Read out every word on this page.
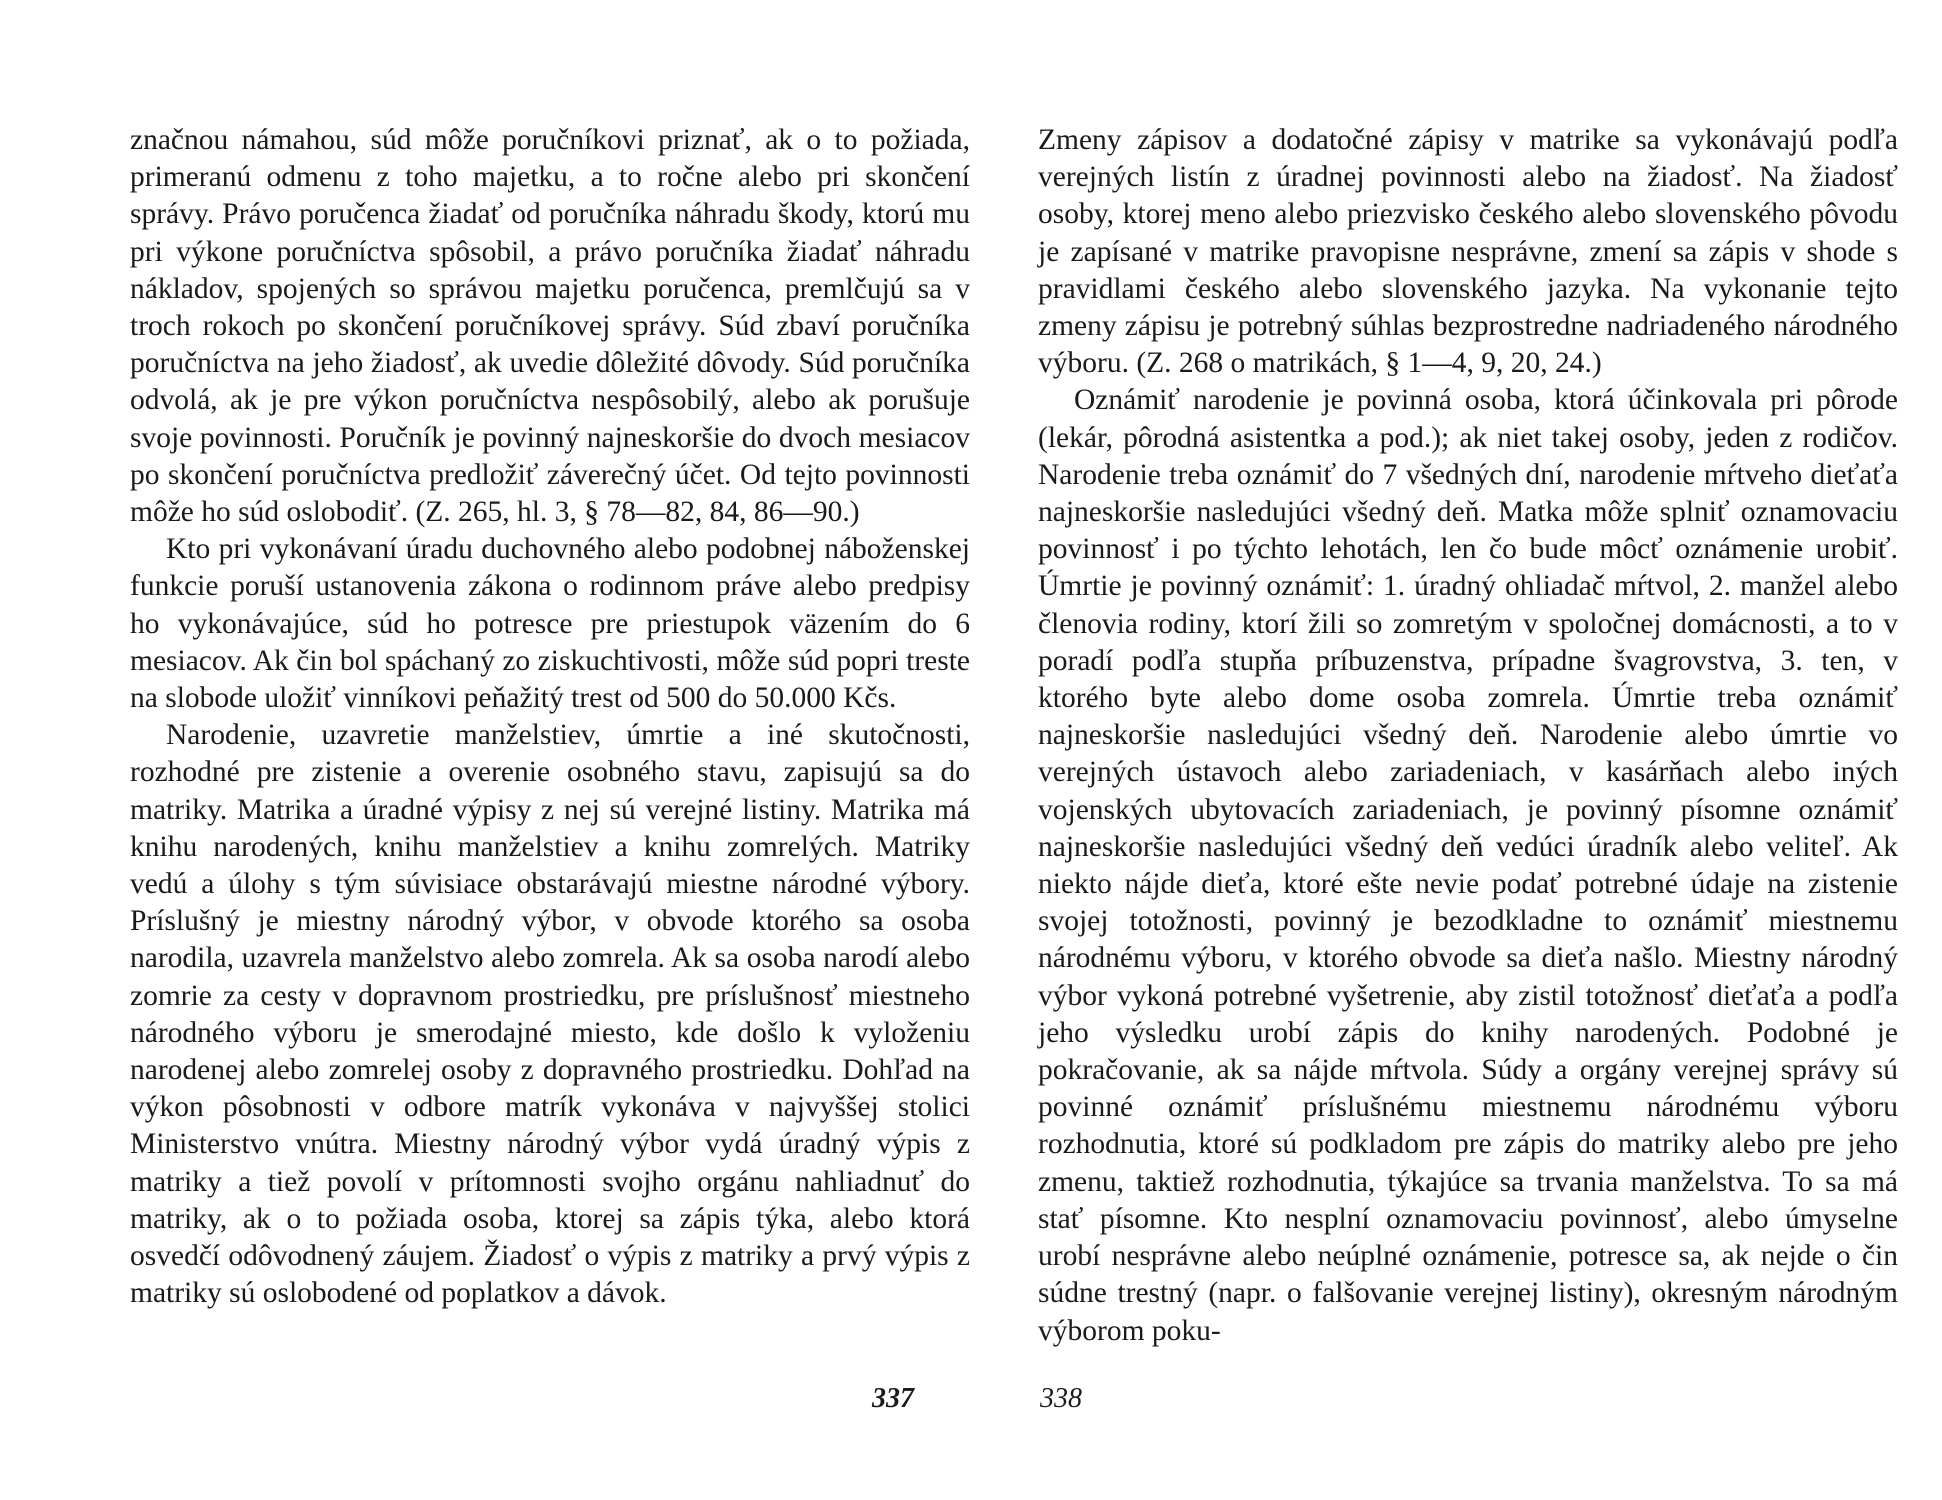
značnou námahou, súd môže poručníkovi priznať, ak o to požiada, primeranú odmenu z toho majetku, a to ročne alebo pri skončení správy. Právo poručenca žiadať od poručníka náhradu škody, ktorú mu pri výkone poručníctva spôsobil, a právo poručníka žiadať náhradu nákladov, spojených so správou majetku poručenca, premlčujú sa v troch rokoch po skončení poručníkovej správy. Súd zbaví poručníka poručníctva na jeho žiadosť, ak uvedie dôležité dôvody. Súd poručníka odvolá, ak je pre výkon poručníctva nespôsobilý, alebo ak porušuje svoje povinnosti. Poručník je povinný najneskoršie do dvoch mesiacov po skončení poručníctva predložiť záverečný účet. Od tejto povinnosti môže ho súd oslobodiť. (Z. 265, hl. 3, § 78—82, 84, 86—90.)

Kto pri vykonávaní úradu duchovného alebo podobnej náboženskej funkcie poruší ustanovenia zákona o rodinnom práve alebo predpisy ho vykonávajúce, súd ho potresce pre priestupok väzením do 6 mesiacov. Ak čin bol spáchaný zo ziskuchtivosti, môže súd popri treste na slobode uložiť vinníkovi peňažitý trest od 500 do 50.000 Kčs.

Narodenie, uzavretie manželstiev, úmrtie a iné skutočnosti, rozhodné pre zistenie a overenie osobného stavu, zapisujú sa do matriky. Matrika a úradné výpisy z nej sú verejné listiny. Matrika má knihu narodených, knihu manželstiev a knihu zomrelých. Matriky vedú a úlohy s tým súvisiace obstarávajú miestne národné výbory. Príslušný je miestny národný výbor, v obvode ktorého sa osoba narodila, uzavrela manželstvo alebo zomrela. Ak sa osoba narodí alebo zomrie za cesty v dopravnom prostriedku, pre príslušnosť miestneho národného výboru je smerodajné miesto, kde došlo k vyloženiu narodenej alebo zomrelej osoby z dopravného prostriedku. Dohľad na výkon pôsobnosti v odbore matrík vykonáva v najvyššej stolici Ministerstvo vnútra. Miestny národný výbor vydá úradný výpis z matriky a tiež povolí v prítomnosti svojho orgánu nahliadnuť do matriky, ak o to požiada osoba, ktorej sa zápis týka, alebo ktorá osvedčí odôvodnený záujem. Žiadosť o výpis z matriky a prvý výpis z matriky sú oslobodené od poplatkov a dávok.

337

Zmeny zápisov a dodatočné zápisy v matrike sa vykonávajú podľa verejných listín z úradnej povinnosti alebo na žiadosť. Na žiadosť osoby, ktorej meno alebo priezvisko českého alebo slovenského pôvodu je zapísané v matrike pravopisne nesprávne, zmení sa zápis v shode s pravidlami českého alebo slovenského jazyka. Na vykonanie tejto zmeny zápisu je potrebný súhlas bezprostredne nadriadeného národného výboru. (Z. 268 o matrikách, § 1—4, 9, 20, 24.)

Oznámiť narodenie je povinná osoba, ktorá účinkovala pri pôrode (lekár, pôrodná asistentka a pod.); ak niet takej osoby, jeden z rodičov. Narodenie treba oznámiť do 7 všedných dní, narodenie mŕtveho dieťaťa najneskoršie nasledujúci všedný deň. Matka môže splniť oznamovaciu povinnosť i po týchto lehotách, len čo bude môcť oznámenie urobiť. Úmrtie je povinný oznámiť: 1. úradný ohliadač mŕtvol, 2. manžel alebo členovia rodiny, ktorí žili so zomretým v spoločnej domácnosti, a to v poradí podľa stupňa príbuzenstva, prípadne švagrovstva, 3. ten, v ktorého byte alebo dome osoba zomrela. Úmrtie treba oznámiť najneskoršie nasledujúci všedný deň. Narodenie alebo úmrtie vo verejných ústavoch alebo zariadeniach, v kasárňach alebo iných vojenských ubytovacích zariadeniach, je povinný písomne oznámiť najneskoršie nasledujúci všedný deň vedúci úradník alebo veliteľ. Ak niekto nájde dieťa, ktoré ešte nevie podať potrebné údaje na zistenie svojej totožnosti, povinný je bezodkladne to oznámiť miestnemu národnému výboru, v ktorého obvode sa dieťa našlo. Miestny národný výbor vykoná potrebné vyšetrenie, aby zistil totožnosť dieťaťa a podľa jeho výsledku urobí zápis do knihy narodených. Podobné je pokračovanie, ak sa nájde mŕtvola. Súdy a orgány verejnej správy sú povinné oznámiť príslušnému miestnemu národnému výboru rozhodnutia, ktoré sú podkladom pre zápis do matriky alebo pre jeho zmenu, taktiež rozhodnutia, týkajúce sa trvania manželstva. To sa má stať písomne. Kto nesplní oznamovaciu povinnosť, alebo úmyselne urobí nesprávne alebo neúplné oznámenie, potresce sa, ak nejde o čin súdne trestný (napr. o falšovanie verejnej listiny), okresným národným výborom poku-

338
